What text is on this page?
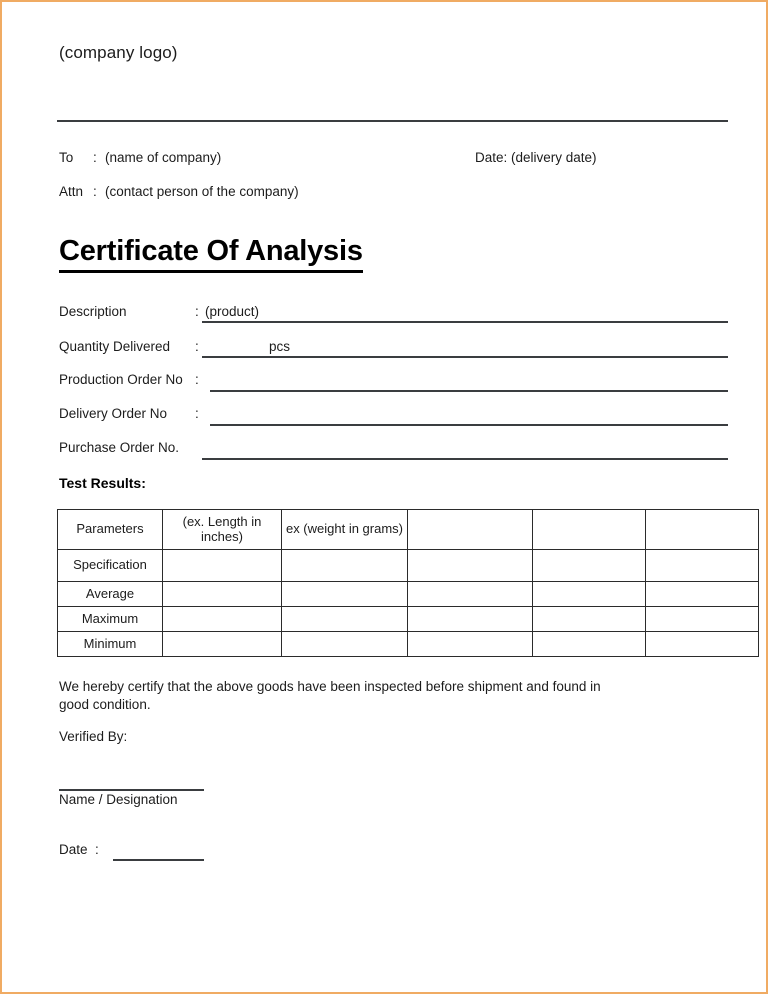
(company logo)
To : (name of company)	Date: (delivery date)
Attn : (contact person of the company)
Certificate Of Analysis
Description	: (product)
Quantity Delivered :	pcs
Production Order No :
Delivery Order No :
Purchase Order No.
Test Results:
Parameters	(ex. Length in inches)	ex (weight in grams)			

Specification					
Average					
Maximum					
Minimum					
We hereby certify that the above goods have been inspected before shipment and found in good condition.
Verified By:
Name / Designation
Date :
